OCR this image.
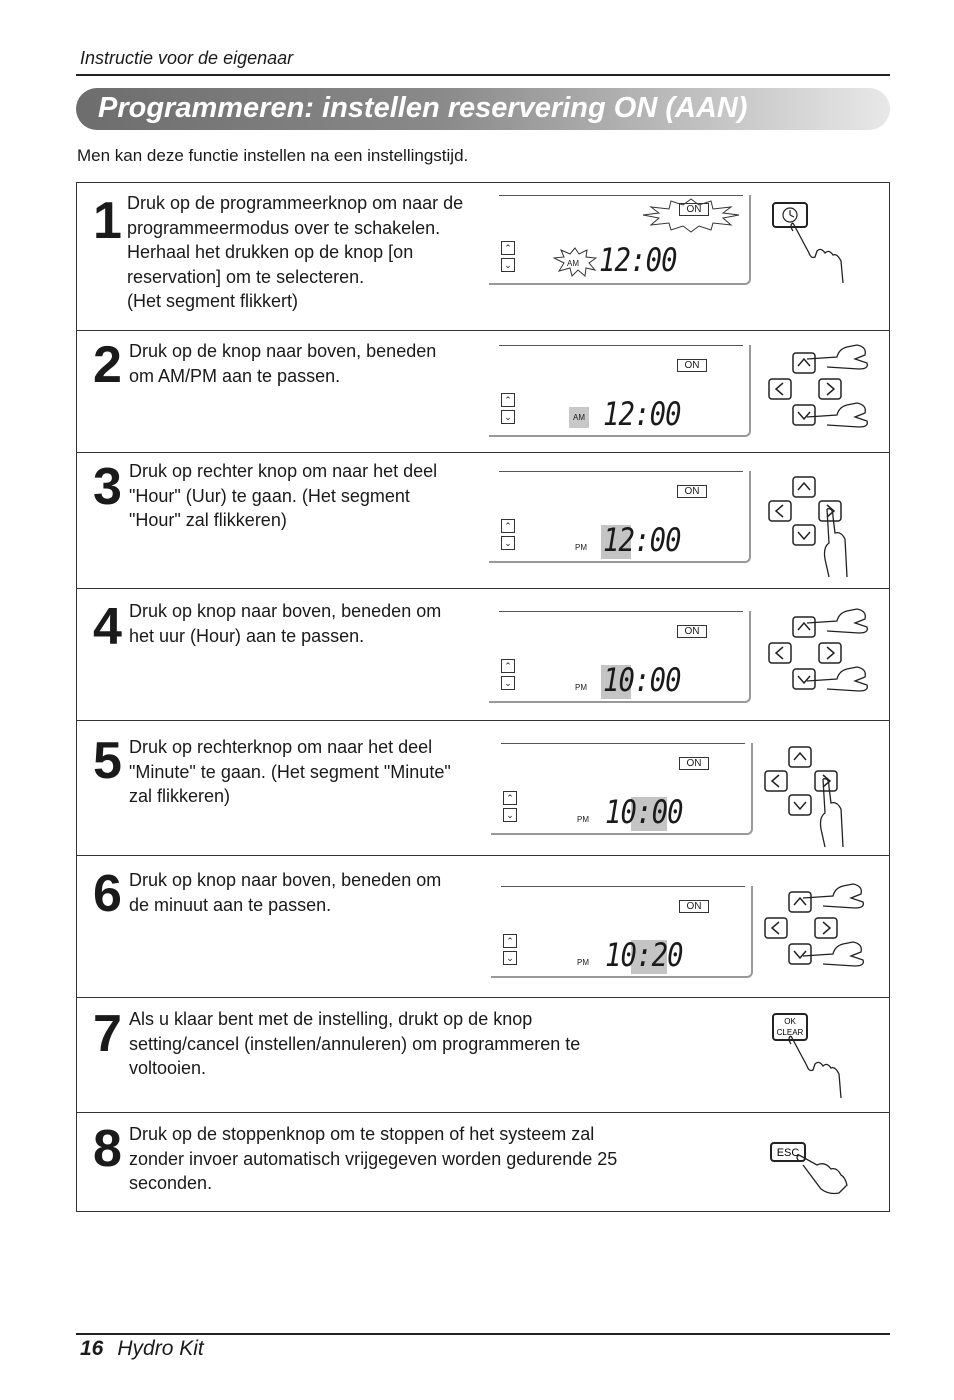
Instructie voor de eigenaar
Programmeren: instellen reservering ON (AAN)
Men kan deze functie instellen na een instellingstijd.
1 Druk op de programmeerknop om naar de
programmeermodus over te schakelen.
Herhaal het drukken op de knop [on
reservation] om te selecteren.
(Het segment flikkert)
ON
⌃
⌄	AM 12:00
2 Druk op de knop naar boven, beneden
om AM/PM aan te passen.	ON
⌃
⌄	AM 12:00
3 Druk op rechter knop om naar het deel
"Hour" (Uur) te gaan. (Het segment
"Hour" zal flikkeren)
ON
⌃
⌄	PM 12:00
4 Druk op knop naar boven, beneden om
het uur (Hour) aan te passen.	ON
⌃
⌄	PM 10:00
5 Druk op rechterknop om naar het deel
"Minute" te gaan. (Het segment "Minute"
zal flikkeren)
ON
⌃
⌄	PM 10:00
6 Druk op knop naar boven, beneden om
de minuut aan te passen.	ON
⌃
⌄	PM 10:20
7 Als u klaar bent met de instelling, drukt op de knop
setting/cancel (instellen/annuleren) om programmeren te
voltooien.
OK
CLEAR
8 Druk op de stoppenknop om te stoppen of het systeem zal
zonder invoer automatisch vrijgegeven worden gedurende 25
seconden.
ESC
16 Hydro Kit
